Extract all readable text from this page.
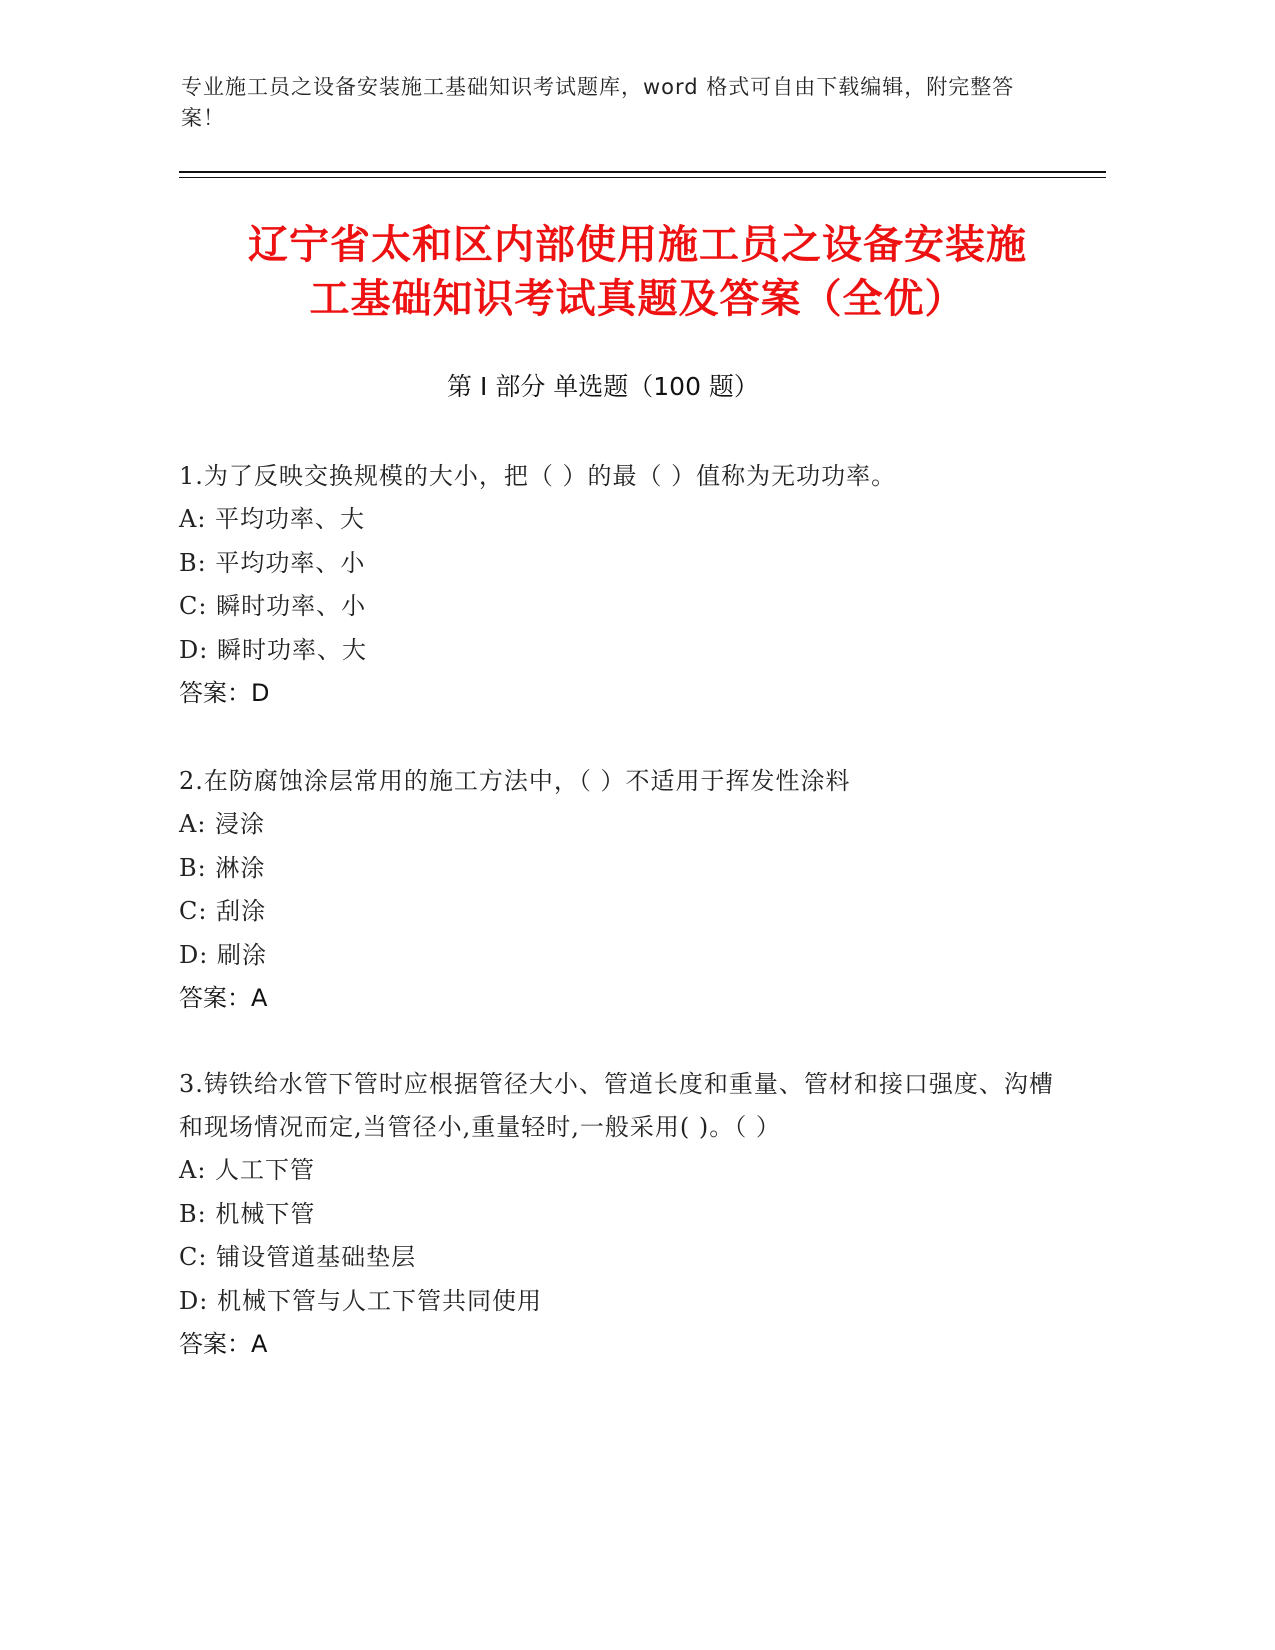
专业施工员之设备安装施工基础知识考试题库，word 格式可自由下载编辑，附完整答案！
辽宁省太和区内部使用施工员之设备安装施
工基础知识考试真题及答案（全优）
第 I 部分 单选题（100 题）

1.为了反映交换规模的大小，把（ ）的最（ ）值称为无功功率。

A: 平均功率、大

B: 平均功率、小

C: 瞬时功率、小

D: 瞬时功率、大

答案：D

2.在防腐蚀涂层常用的施工方法中，（ ）不适用于挥发性涂料

A: 浸涂

B: 淋涂

C: 刮涂

D: 刷涂

答案：A

3.铸铁给水管下管时应根据管径大小、管道长度和重量、管材和接口强度、沟槽和现场情况而定,当管径小,重量轻时,一般采用( )。（ ）

A: 人工下管

B: 机械下管

C: 铺设管道基础垫层

D: 机械下管与人工下管共同使用

答案：A
